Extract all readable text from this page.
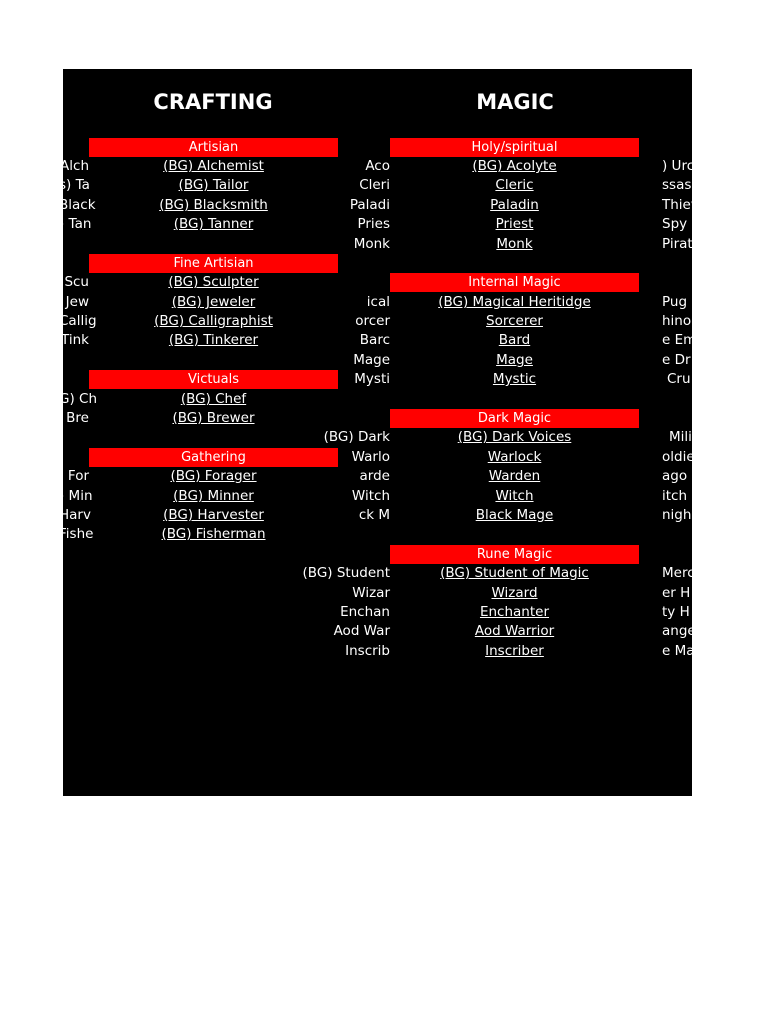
CRAFTING	MAGIC
Artisian
(BG) Alchemist
(BG) Tailor
(BG) Blacksmith
(BG) Tanner
Fine Artisian
(BG) Sculpter
(BG) Jeweler
(BG) Calligraphist
(BG) Tinkerer
Victuals
(BG) Chef
(BG) Brewer
Gathering
(BG) Forager
(BG) Minner
(BG) Harvester
(BG) Fisherman
Holy/spiritual
(BG) Acolyte
Cleric
Paladin
Priest
Monk
Internal Magic
(BG) Magical Heritidge
Sorcerer
Bard
Mage
Mystic
Dark Magic
(BG) Dark Voices
Warlock
Warden
Witch
Black Mage
Rune Magic
(BG) Student of Magic
Wizard
Enchanter
Aod Warrior
Inscriber
Alch
s) Ta
Black
) Tan
Scu
Jew
Callig
Tink
G) Ch
Bre
For
) Min
Harv
Fishe
Aco
Cleri
Paladi
Pries
Monk
ical
orcer
Barc
Mage
Mysti
(BG) Dark
Warlo
arde
Witch
ck M
(BG) Student
Wizar
Enchan
Aod War
Inscrib
) Urc
ssass
Thiev
Spy
Pirate
Pug
hino
e Em
e Dr
Cru
Mili
oldie
ago
itch
nigh
Merc
er H
ty H
ange
e Ma
